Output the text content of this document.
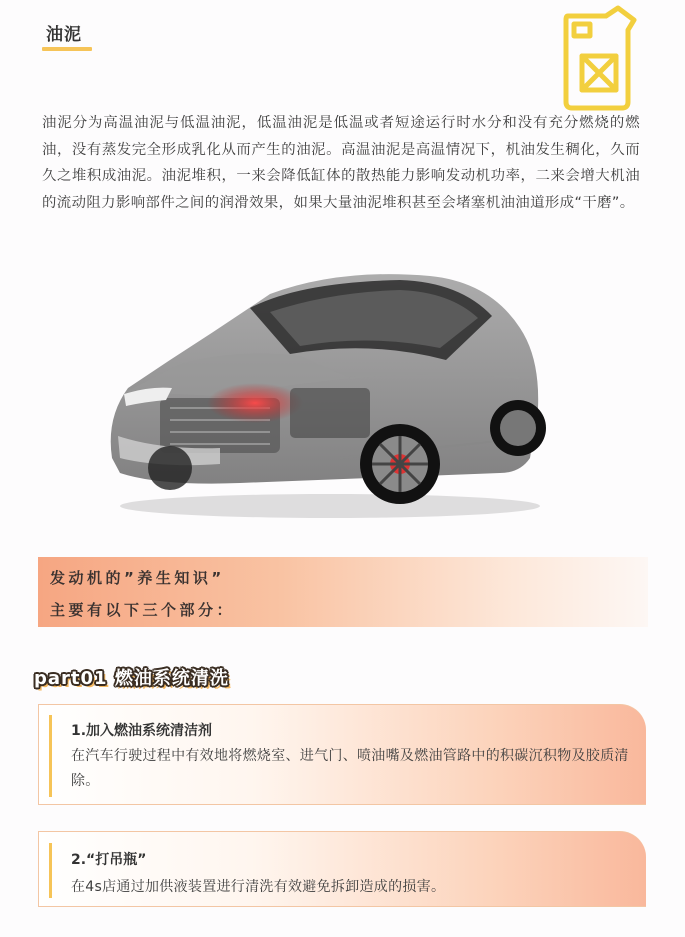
油泥

油泥分为高温油泥与低温油泥，低温油泥是低温或者短途运行时水分和没有充分燃烧的燃油，没有蒸发完全形成乳化从而产生的油泥。高温油泥是高温情况下，机油发生稠化，久而久之堆积成油泥。油泥堆积，一来会降低缸体的散热能力影响发动机功率，二来会增大机油的流动阻力影响部件之间的润滑效果，如果大量油泥堆积甚至会堵塞机油油道形成“干磨”。

发动机的”养生知识”
主要有以下三个部分：
part01 燃油系统清洗
1.加入燃油系统清洁剂

在汽车行驶过程中有效地将燃烧室、进气门、喷油嘴及燃油管路中的积碳沉积物及胶质清除。

2.“打吊瓶”

在4s店通过加供液装置进行清洗有效避免拆卸造成的损害。
